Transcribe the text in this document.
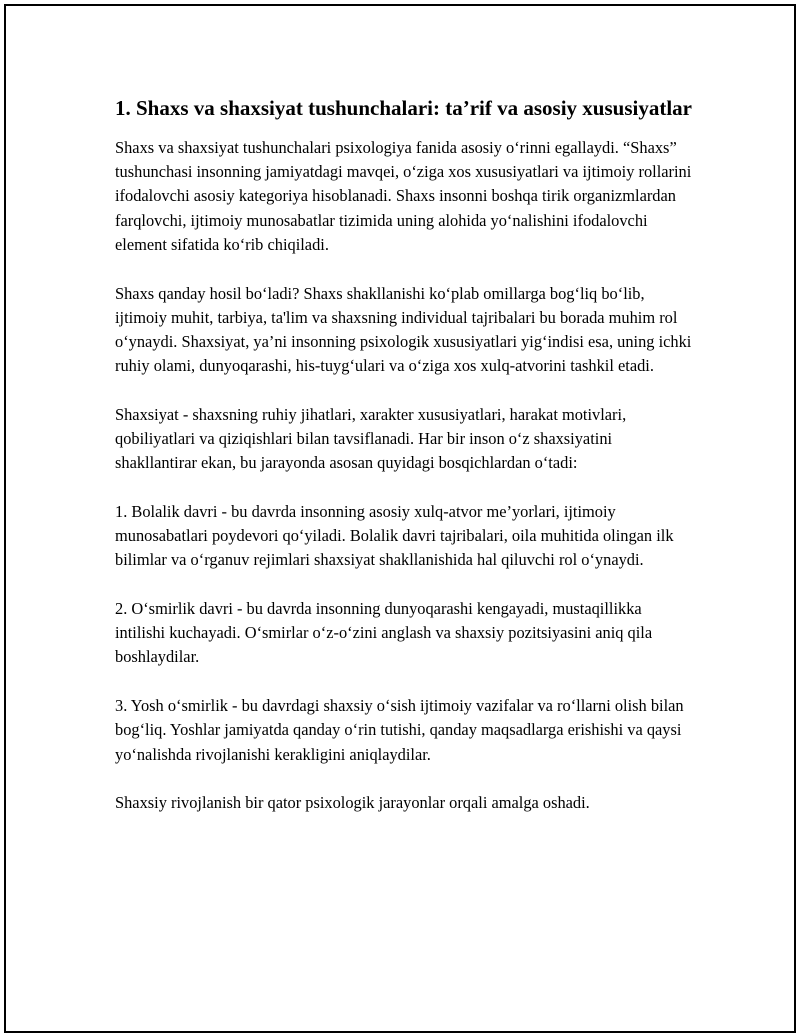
1. Shaxs va shaxsiyat tushunchalari: ta’rif va asosiy xususiyatlar

Shaxs va shaxsiyat tushunchalari psixologiya fanida asosiy o‘rinni egallaydi. “Shaxs” tushunchasi insonning jamiyatdagi mavqei, o‘ziga xos xususiyatlari va ijtimoiy rollarini ifodalovchi asosiy kategoriya hisoblanadi. Shaxs insonni boshqa tirik organizmlardan farqlovchi, ijtimoiy munosabatlar tizimida uning alohida yo‘nalishini ifodalovchi element sifatida ko‘rib chiqiladi.

Shaxs qanday hosil bo‘ladi? Shaxs shakllanishi ko‘plab omillarga bog‘liq bo‘lib, ijtimoiy muhit, tarbiya, ta'lim va shaxsning individual tajribalari bu borada muhim rol o‘ynaydi. Shaxsiyat, ya’ni insonning psixologik xususiyatlari yig‘indisi esa, uning ichki ruhiy olami, dunyoqarashi, his-tuyg‘ulari va o‘ziga xos xulq-atvorini tashkil etadi.

Shaxsiyat - shaxsning ruhiy jihatlari, xarakter xususiyatlari, harakat motivlari, qobiliyatlari va qiziqishlari bilan tavsiflanadi. Har bir inson o‘z shaxsiyatini shakllantirar ekan, bu jarayonda asosan quyidagi bosqichlardan o‘tadi:

1. Bolalik davri - bu davrda insonning asosiy xulq-atvor me’yorlari, ijtimoiy munosabatlari poydevori qo‘yiladi. Bolalik davri tajribalari, oila muhitida olingan ilk bilimlar va o‘rganuv rejimlari shaxsiyat shakllanishida hal qiluvchi rol o‘ynaydi.

2. O‘smirlik davri - bu davrda insonning dunyoqarashi kengayadi, mustaqillikka intilishi kuchayadi. O‘smirlar o‘z-o‘zini anglash va shaxsiy pozitsiyasini aniq qila boshlaydilar.

3. Yosh o‘smirlik - bu davrdagi shaxsiy o‘sish ijtimoiy vazifalar va ro‘llarni olish bilan bog‘liq. Yoshlar jamiyatda qanday o‘rin tutishi, qanday maqsadlarga erishishi va qaysi yo‘nalishda rivojlanishi kerakligini aniqlaydilar.

Shaxsiy rivojlanish bir qator psixologik jarayonlar orqali amalga oshadi.
